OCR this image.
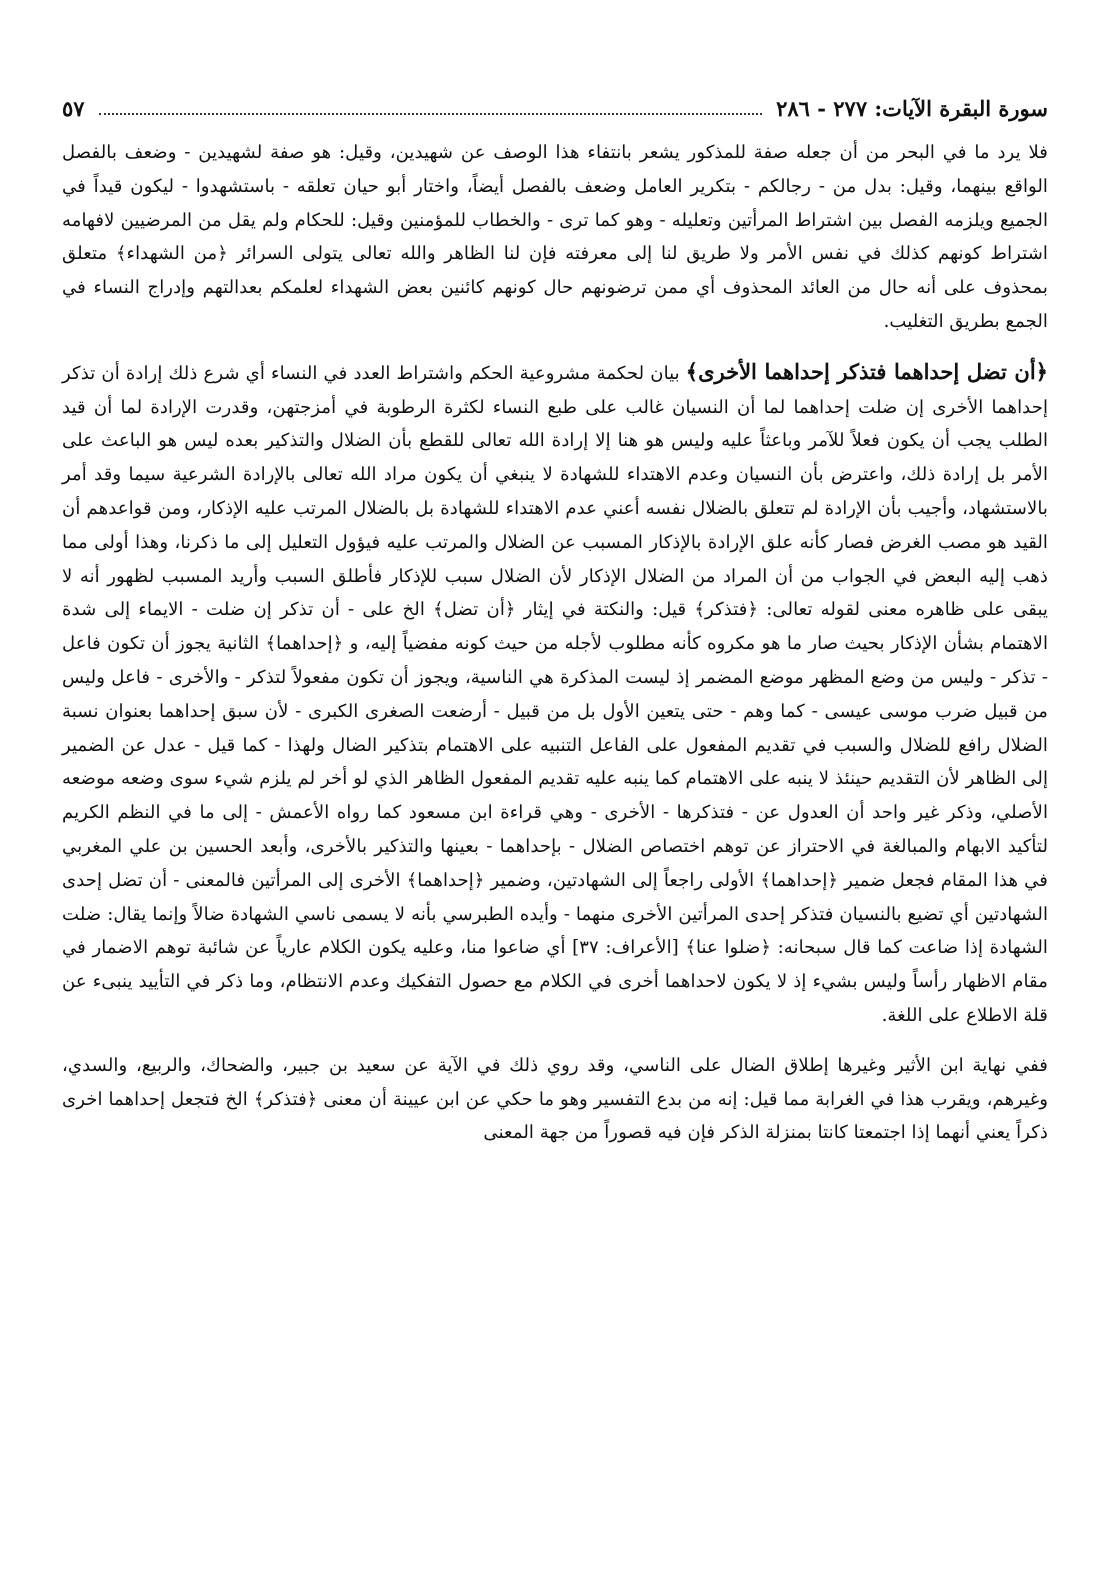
سورة البقرة الآيات: ٢٧٧ - ٢٨٦
٥٧

فلا يرد ما في البحر من أن جعله صفة للمذكور يشعر بانتفاء هذا الوصف عن شهيدين، وقيل: هو صفة لشهيدين - وضعف بالفصل الواقع بينهما، وقيل: بدل من - رجالكم - بتكرير العامل وضعف بالفصل أيضاً، واختار أبو حيان تعلقه - باستشهدوا - ليكون قيداً في الجميع ويلزمه الفصل بين اشتراط المرأتين وتعليله - وهو كما ترى - والخطاب للمؤمنين وقيل: للحكام ولم يقل من المرضيين لافهامه اشتراط كونهم كذلك في نفس الأمر ولا طريق لنا إلى معرفته فإن لنا الظاهر والله تعالى يتولى السرائر ﴿من الشهداء﴾ متعلق بمحذوف على أنه حال من العائد المحذوف أي ممن ترضونهم حال كونهم كائنين بعض الشهداء لعلمكم بعدالتهم وإدراج النساء في الجمع بطريق التغليب.

﴿أن تضل إحداهما فتذكر إحداهما الأخرى﴾ بيان لحكمة مشروعية الحكم واشتراط العدد في النساء أي شرع ذلك إرادة أن تذكر إحداهما الأخرى إن ضلت إحداهما لما أن النسيان غالب على طبع النساء لكثرة الرطوبة في أمزجتهن، وقدرت الإرادة لما أن قيد الطلب يجب أن يكون فعلاً للآمر وباعثاً عليه وليس هو هنا إلا إرادة الله تعالى للقطع بأن الضلال والتذكير بعده ليس هو الباعث على الأمر بل إرادة ذلك، واعترض بأن النسيان وعدم الاهتداء للشهادة لا ينبغي أن يكون مراد الله تعالى بالإرادة الشرعية سيما وقد أمر بالاستشهاد، وأجيب بأن الإرادة لم تتعلق بالضلال نفسه أعني عدم الاهتداء للشهادة بل بالضلال المرتب عليه الإذكار، ومن قواعدهم أن القيد هو مصب الغرض فصار كأنه علق الإرادة بالإذكار المسبب عن الضلال والمرتب عليه فيؤول التعليل إلى ما ذكرنا، وهذا أولى مما ذهب إليه البعض في الجواب من أن المراد من الضلال الإذكار لأن الضلال سبب للإذكار فأطلق السبب وأريد المسبب لظهور أنه لا يبقى على ظاهره معنى لقوله تعالى: ﴿فتذكر﴾ قيل: والنكتة في إيثار ﴿أن تضل﴾ الخ على - أن تذكر إن ضلت - الايماء إلى شدة الاهتمام بشأن الإذكار بحيث صار ما هو مكروه كأنه مطلوب لأجله من حيث كونه مفضياً إليه، و ﴿إحداهما﴾ الثانية يجوز أن تكون فاعل - تذكر - وليس من وضع المظهر موضع المضمر إذ ليست المذكرة هي الناسية، ويجوز أن تكون مفعولاً لتذكر - والأخرى - فاعل وليس من قبيل ضرب موسى عيسى - كما وهم - حتى يتعين الأول بل من قبيل - أرضعت الصغرى الكبرى - لأن سبق إحداهما بعنوان نسبة الضلال رافع للضلال والسبب في تقديم المفعول على الفاعل التنبيه على الاهتمام بتذكير الضال ولهذا - كما قيل - عدل عن الضمير إلى الظاهر لأن التقديم حينئذ لا ينبه على الاهتمام كما ينبه عليه تقديم المفعول الظاهر الذي لو أخر لم يلزم شيء سوى وضعه موضعه الأصلي، وذكر غير واحد أن العدول عن - فتذكرها - الأخرى - وهي قراءة ابن مسعود كما رواه الأعمش - إلى ما في النظم الكريم لتأكيد الابهام والمبالغة في الاحتراز عن توهم اختصاص الضلال - بإحداهما - بعينها والتذكير بالأخرى، وأبعد الحسين بن علي المغربي في هذا المقام فجعل ضمير ﴿إحداهما﴾ الأولى راجعاً إلى الشهادتين، وضمير ﴿إحداهما﴾ الأخرى إلى المرأتين فالمعنى - أن تضل إحدى الشهادتين أي تضيع بالنسيان فتذكر إحدى المرأتين الأخرى منهما - وأيده الطبرسي بأنه لا يسمى ناسي الشهادة ضالاً وإنما يقال: ضلت الشهادة إذا ضاعت كما قال سبحانه: ﴿ضلوا عنا﴾ [الأعراف: ٣٧] أي ضاعوا منا، وعليه يكون الكلام عارياً عن شائبة توهم الاضمار في مقام الاظهار رأساً وليس بشيء إذ لا يكون لاحداهما أخرى في الكلام مع حصول التفكيك وعدم الانتظام، وما ذكر في التأييد ينبىء عن قلة الاطلاع على اللغة.

ففي نهاية ابن الأثير وغيرها إطلاق الضال على الناسي، وقد روي ذلك في الآية عن سعيد بن جبير، والضحاك، والربيع، والسدي، وغيرهم، ويقرب هذا في الغرابة مما قيل: إنه من بدع التفسير وهو ما حكي عن ابن عيينة أن معنى ﴿فتذكر﴾ الخ فتجعل إحداهما اخرى ذكراً يعني أنهما إذا اجتمعتا كانتا بمنزلة الذكر فإن فيه قصوراً من جهة المعنى
